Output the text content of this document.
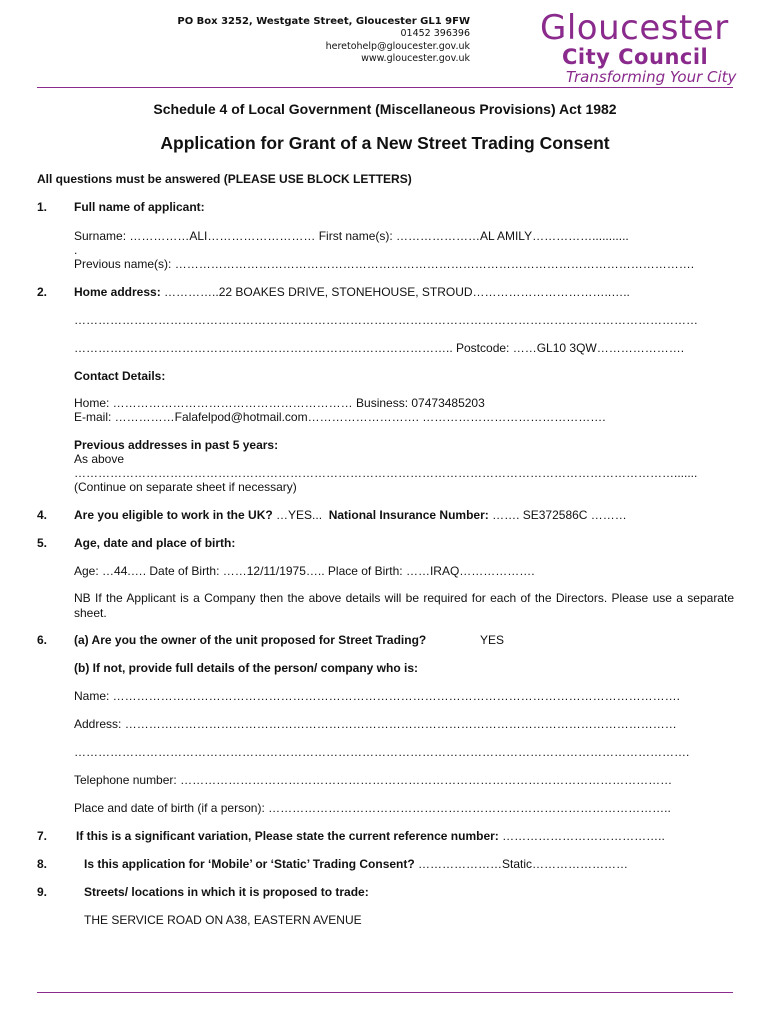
PO Box 3252, Westgate Street, Gloucester GL1 9FW
01452 396396
heretohelp@gloucester.gov.uk
www.gloucester.gov.uk
Gloucester
City Council
Transforming Your City
Schedule 4 of Local Government (Miscellaneous Provisions) Act 1982
Application for Grant of a New Street Trading Consent
All questions must be answered (PLEASE USE BLOCK LETTERS)
1. Full name of applicant:
Surname: ……………ALI……………………… First name(s): …………………AL AMILY……………...........
.
Previous name(s): ………………………………………………………………………………………………………………….
2. Home address: …………..22 BOAKES DRIVE, STONEHOUSE, STROUD……………………………..…..
…………………………………………………………………………………………………………………………………………
………………………………………………………………………………….. Postcode: ……GL10 3QW………………….
Contact Details:
Home: …………………………………………………… Business: 07473485203
E-mail: ……………Falafelpod@hotmail.com………………………. ……………………………………….
Previous addresses in past 5 years:
As above
…………………………………………………………………………………………………………………………………….......
(Continue on separate sheet if necessary)
4. Are you eligible to work in the UK? …YES... National Insurance Number: ……. SE372586C ………
5. Age, date and place of birth:
Age: …44.…. Date of Birth: ……12/11/1975….. Place of Birth: ……IRAQ……………….
NB If the Applicant is a Company then the above details will be required for each of the Directors. Please use a separate sheet.
6. (a) Are you the owner of the unit proposed for Street Trading?	YES
(b) If not, provide full details of the person/ company who is:
Name: …………………………………………………………………………………………………………………………….
Address: …………………………………………………………………………………………………………………………
……………………………………………………………………………………………………………………………………….
Telephone number: ……………………………………………………………………………………………………………
Place and date of birth (if a person): ………………………………………………………………………………………..
7. If this is a significant variation, Please state the current reference number: …………………………………..
8.	Is this application for ‘Mobile’ or ‘Static’ Trading Consent? …………………Static……………………
9.	Streets/ locations in which it is proposed to trade:
THE SERVICE ROAD ON A38, EASTERN AVENUE
